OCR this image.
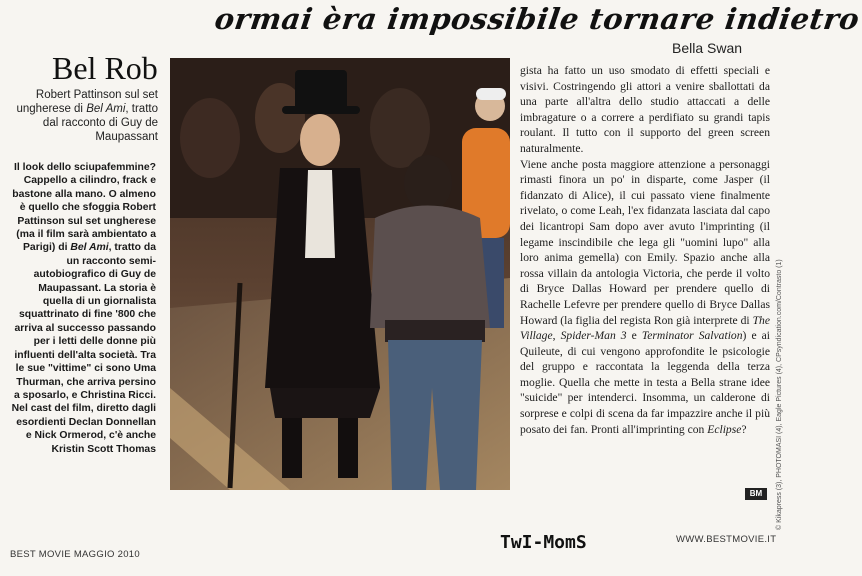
ormai èra impossibile tornare indietro
Bella Swan
Bel Rob
Robert Pattinson sul set ungherese di Bel Ami, tratto dal racconto di Guy de Maupassant

Il look dello sciupafemmine? Cappello a cilindro, frack e bastone alla mano. O almeno è quello che sfoggia Robert Pattinson sul set ungherese (ma il film sarà ambientato a Parigi) di Bel Ami, tratto da un racconto semi-autobiografico di Guy de Maupassant. La storia è quella di un giornalista squattrinato di fine '800 che arriva al successo passando per i letti delle donne più influenti dell'alta società. Tra le sue "vittime" ci sono Uma Thurman, che arriva persino a sposarlo, e Christina Ricci. Nel cast del film, diretto dagli esordienti Declan Donnellan e Nick Ormerod, c'è anche Kristin Scott Thomas

gista ha fatto un uso smodato di effetti speciali e visivi. Costringendo gli attori a venire sballottati da una parte all'altra dello studio attaccati a delle imbragature o a correre a perdifiato su grandi tapis roulant. Il tutto con il supporto del green screen naturalmente.

Viene anche posta maggiore attenzione a personaggi rimasti finora un po' in disparte, come Jasper (il fidanzato di Alice), il cui passato viene finalmente rivelato, o come Leah, l'ex fidanzata lasciata dal capo dei licantropi Sam dopo aver avuto l'imprinting (il legame inscindibile che lega gli "uomini lupo" alla loro anima gemella) con Emily. Spazio anche alla rossa villain da antologia Victoria, che perde il volto di Bryce Dallas Howard per prendere quello di Rachelle Lefevre per prendere quello di Bryce Dallas Howard (la figlia del regista Ron già interprete di The Village, Spider-Man 3 e Terminator Salvation) e ai Quileute, di cui vengono approfondite le psicologie del gruppo e raccontata la leggenda della terza moglie. Quella che mette in testa a Bella strane idee "suicide" per intenderci. Insomma, un calderone di sorprese e colpi di scena da far impazzire anche il più posato dei fan. Pronti all'imprinting con Eclipse?

BM	© Kikapress (3), PHOTOMASI (4), Eagle Pictures (4), CPsyndication.com/Contrasto (1)
BEST MOVIE MAGGIO 2010
TwI-MomS	WWW.BESTMOVIE.IT
